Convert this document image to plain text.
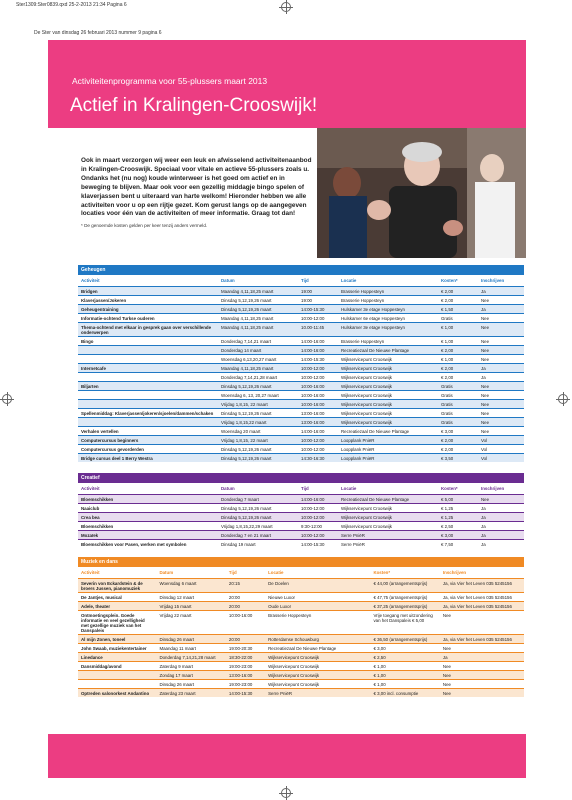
Ster1309:Ster0839.qxd 25-2-2013 21:34 Pagina 6
De Ster van dinsdag 26 februari 2013 nummer 9 pagina 6
Activiteitenprogramma voor 55-plussers maart 2013
Actief in Kralingen-Crooswijk!
Ook in maart verzorgen wij weer een leuk en afwisselend activiteitenaanbod in Kralingen-Crooswijk. Speciaal voor vitale en actieve 55-plussers zoals u. Ondanks het (nu nog) koude winterweer is het goed om actief en in beweging te blijven. Maar ook voor een gezellig middagje bingo spelen of klaverjassen bent u uiteraard van harte welkom! Hieronder hebben we alle activiteiten voor u op een rijtje gezet. Kom gerust langs op de aangegeven locaties voor één van de activiteiten of meer informatie. Graag tot dan!
* De genoemde kosten gelden per keer tenzij anders vermeld.
Geheugen
Activiteit	Datum	Tijd	Locatie	Kosten*	Inschrijven
Bridgen	Maandag 4,11,18,25 maart	19:00	Brasserie Hoppesteyn	€ 2,00	Ja
Klaverjassen/Jokeren	Dinsdag 5,12,19,26 maart	19:00	Brasserie Hoppesteyn	€ 2,00	Nee
Geheugentraining	Dinsdag 5,12,19,26 maart	14:00-15:30	Hulskamer 3e etage Hoppesteyn	€ 1,50	Ja
Informatie-ochtend Turkse ouderen	Maandag 4,11,18,25 maart	10:00-12:00	Hulskamer 6e etage Hoppesteyn	Gratis	Nee
Thema-ochtend met elkaar in gesprek gaan over verschillende onderwerpen	Maandag 4,11,18,25 maart	10.00-11:45	Hulskamer 3e etage Hoppesteyn	€ 1,00	Nee
Bingo	Donderdag 7,14,21 maart	14:00-16:00	Brasserie Hoppesteyn	€ 1,00	Nee
	Donderdag 14 maart	14:00-16:00	Recreatiezaal De Nieuwe Plantage	€ 2,00	Nee
	Woensdag 6,13,20,27 maart	14:00-15:30	Wijkservicepunt Crooswijk	€ 1,00	Nee
Internetcafe	Maandag 4,11,18,25 maart	10:00-12:00	Wijkservicepunt Crooswijk	€ 2,00	Ja
	Donderdag 7,14,21,28 maart	10:00-12:00	Wijkservicepunt Crooswijk	€ 2,00	Ja
Biljarten	Dinsdag 5,12,19,26 maart	10:00-16:00	Wijkservicepunt Crooswijk	Gratis	Nee
	Woensdag 6, 13, 20,27 maart	10:00-16:00	Wijkservicepunt Crooswijk	Gratis	Nee
	Vrijdag 1,8,15, 22 maart	10:00-16:00	Wijkservicepunt Crooswijk	Gratis	Nee
Spellenmiddag: Klaverjassen/jokeren/sjoelen/dammen/schaken	Dinsdag 5,12,19,26 maart	13:00-16:00	Wijkservicepunt Crooswijk	Gratis	Nee
	Vrijdag 1,8,15,22 maart	13:00-16:00	Wijkservicepunt Crooswijk	Gratis	Nee
Verhalen vertellen	Woensdag 20 maart	14:00-16:00	Recreatiezaal De Nieuwe Plantage	€ 3,00	Nee
Computercursus beginners	Vrijdag 1,8,15, 22 maart	10:00-12:00	Loopplank PniëR	€ 2,00	Vol
Computercursus gevorderden	Dinsdag 5,12,19,26 maart	10:00-12:00	Loopplank PniëR	€ 2,00	Vol
Bridge cursus deel 1 Berry Westra	Dinsdag 5,12,19,26 maart	14:30-16:30	Loopplank PniëR	€ 3,50	Vol
Creatief
Activiteit	Datum	Tijd	Locatie	Kosten*	Inschrijven
Bloemschikken	Donderdag 7 maart	14:00-16:00	Recreatiezaal De Nieuwe Plantage	€ 5,00	Nee
Naaiclub	Dinsdag 5,12,19,26 maart	10:00-12:00	Wijkservicepunt Crooswijk	€ 1,25	Ja
Crea bea	Dinsdag 5,12,19,26 maart	10:00-12:00	Wijkservicepunt Crooswijk	€ 1,25	Ja
Bloemschikken	Vrijdag 1,8,15,22,29 maart	9:30-12:00	Wijkservicepunt Crooswijk	€ 2,50	Ja
Mozaïek	Donderdag 7 en 21 maart	10:00-12:00	Serre PniëR	€ 3,00	Ja
Bloemschikken voor Pasen, werken met symbolen	Dinsdag 19 maart	14:00-15:30	Serre PniëR	€ 7,50	Ja
Muziek en dans
Activiteit	Datum	Tijd	Locatie	Kosten*	Inschrijven
Severin von Eckardstein & de broers Jussen, pianomuziek	Woensdag 6 maart	20:15	De Doelen	€ 44,00 (arrangementsprijs)	Ja, via Vier het Leven 035 5245156
De Jantjes, musical	Dinsdag 12 maart	20:00	Nieuwe Luxor	€ 47,75 (arrangementsprijs)	Ja, via Vier het Leven 035 5245156
Adele, theater	Vrijdag 15 maart	20:00	Oude Luxor	€ 37,25 (arrangementsprijs)	Ja, via Vier het Leven 035 5245156
Ontmoetingsplein. Goede informatie en veel gezelligheid met gezellige muziek van het Danspaleis	Vrijdag 22 maart	10:00-16:00	Brasserie Hoppesteyn	Vrije toegang met uitzondering van het Danspaleis € 5,00	Nee
Al mijn Zonen, toneel	Dinsdag 26 maart	20:00	Rotterdamse Schouwburg	€ 36,50 (arrangementsprijs)	Ja, via Vier het Leven 035 5245156
John Swaab, muziekentertainer	Maandag 11 maart	19:00-20:30	Recreatiezaal De Nieuwe Plantage	€ 3,00	Nee
Linedance	Donderdag 7,14,21,28 maart	18:30-22:00	Wijkservicepunt Crooswijk	€ 2,50	Ja
Dansmiddag/avond	Zaterdag 9 maart	19:00-23:00	Wijkservicepunt Crooswijk	€ 1,00	Nee
	Zondag 17 maart	13:00-16:00	Wijkservicepunt Crooswijk	€ 1,00	Nee
	Dinsdag 26 maart	19:00-23:00	Wijkservicepunt Crooswijk	€ 1,00	Nee
Optreden salonorkest Andantino	Zaterdag 23 maart	14:00-15:30	Serre PniëR	€ 3,00 incl. consumptie	Nee
